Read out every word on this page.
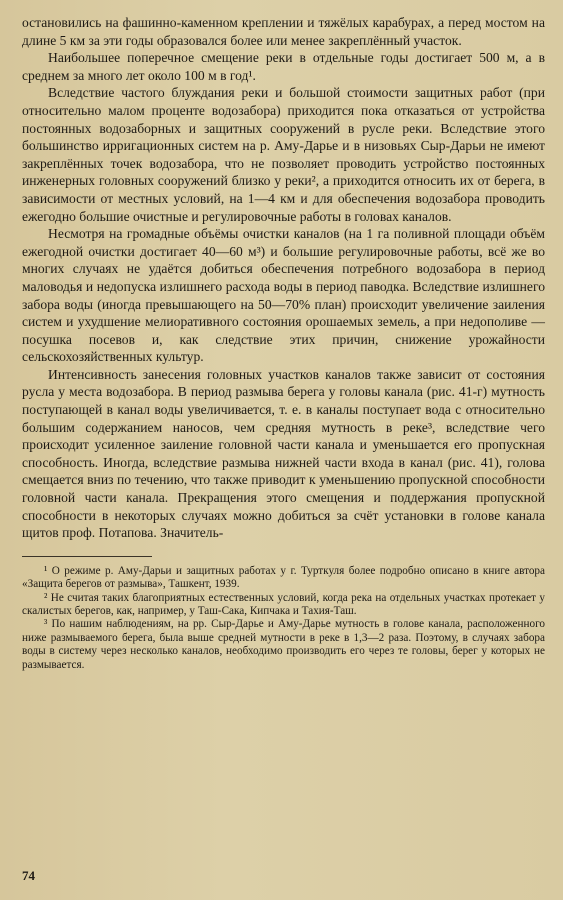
остановились на фашинно-каменном креплении и тяжёлых карабурах, а перед мостом на длине 5 км за эти годы образовался более или менее закреплённый участок.

Наибольшее поперечное смещение реки в отдельные годы достигает 500 м, а в среднем за много лет около 100 м в год¹.

Вследствие частого блуждания реки и большой стоимости защитных работ (при относительно малом проценте водозабора) приходится пока отказаться от устройства постоянных водозаборных и защитных сооружений в русле реки. Вследствие этого большинство ирригационных систем на р. Аму-Дарье и в низовьях Сыр-Дарьи не имеют закреплённых точек водозабора, что не позволяет проводить устройство постоянных инженерных головных сооружений близко у реки², а приходится относить их от берега, в зависимости от местных условий, на 1—4 км и для обеспечения водозабора проводить ежегодно большие очистные и регулировочные работы в головах каналов.

Несмотря на громадные объёмы очистки каналов (на 1 га поливной площади объём ежегодной очистки достигает 40—60 м³) и большие регулировочные работы, всё же во многих случаях не удаётся добиться обеспечения потребного водозабора в период маловодья и недопуска излишнего расхода воды в период паводка. Вследствие излишнего забора воды (иногда превышающего на 50—70% план) происходит увеличение заиления систем и ухудшение мелиоративного состояния орошаемых земель, а при недополиве — посушка посевов и, как следствие этих причин, снижение урожайности сельскохозяйственных культур.

Интенсивность занесения головных участков каналов также зависит от состояния русла у места водозабора. В период размыва берега у головы канала (рис. 41-г) мутность поступающей в канал воды увеличивается, т. е. в каналы поступает вода с относительно большим содержанием наносов, чем средняя мутность в реке³, вследствие чего происходит усиленное заиление головной части канала и уменьшается его пропускная способность. Иногда, вследствие размыва нижней части входа в канал (рис. 41), голова смещается вниз по течению, что также приводит к уменьшению пропускной способности головной части канала. Прекращения этого смещения и поддержания пропускной способности в некоторых случаях можно добиться за счёт установки в голове канала щитов проф. Потапова. Значитель-

¹ О режиме р. Аму-Дарьи и защитных работах у г. Турткуля более подробно описано в книге автора «Защита берегов от размыва», Ташкент, 1939.

² Не считая таких благоприятных естественных условий, когда река на отдельных участках протекает у скалистых берегов, как, например, у Таш-Сака, Кипчака и Тахия-Таш.

³ По нашим наблюдениям, на рр. Сыр-Дарье и Аму-Дарье мутность в голове канала, расположенного ниже размываемого берега, была выше средней мутности в реке в 1,3—2 раза. Поэтому, в случаях забора воды в систему через несколько каналов, необходимо производить его через те головы, берег у которых не размывается.

74
